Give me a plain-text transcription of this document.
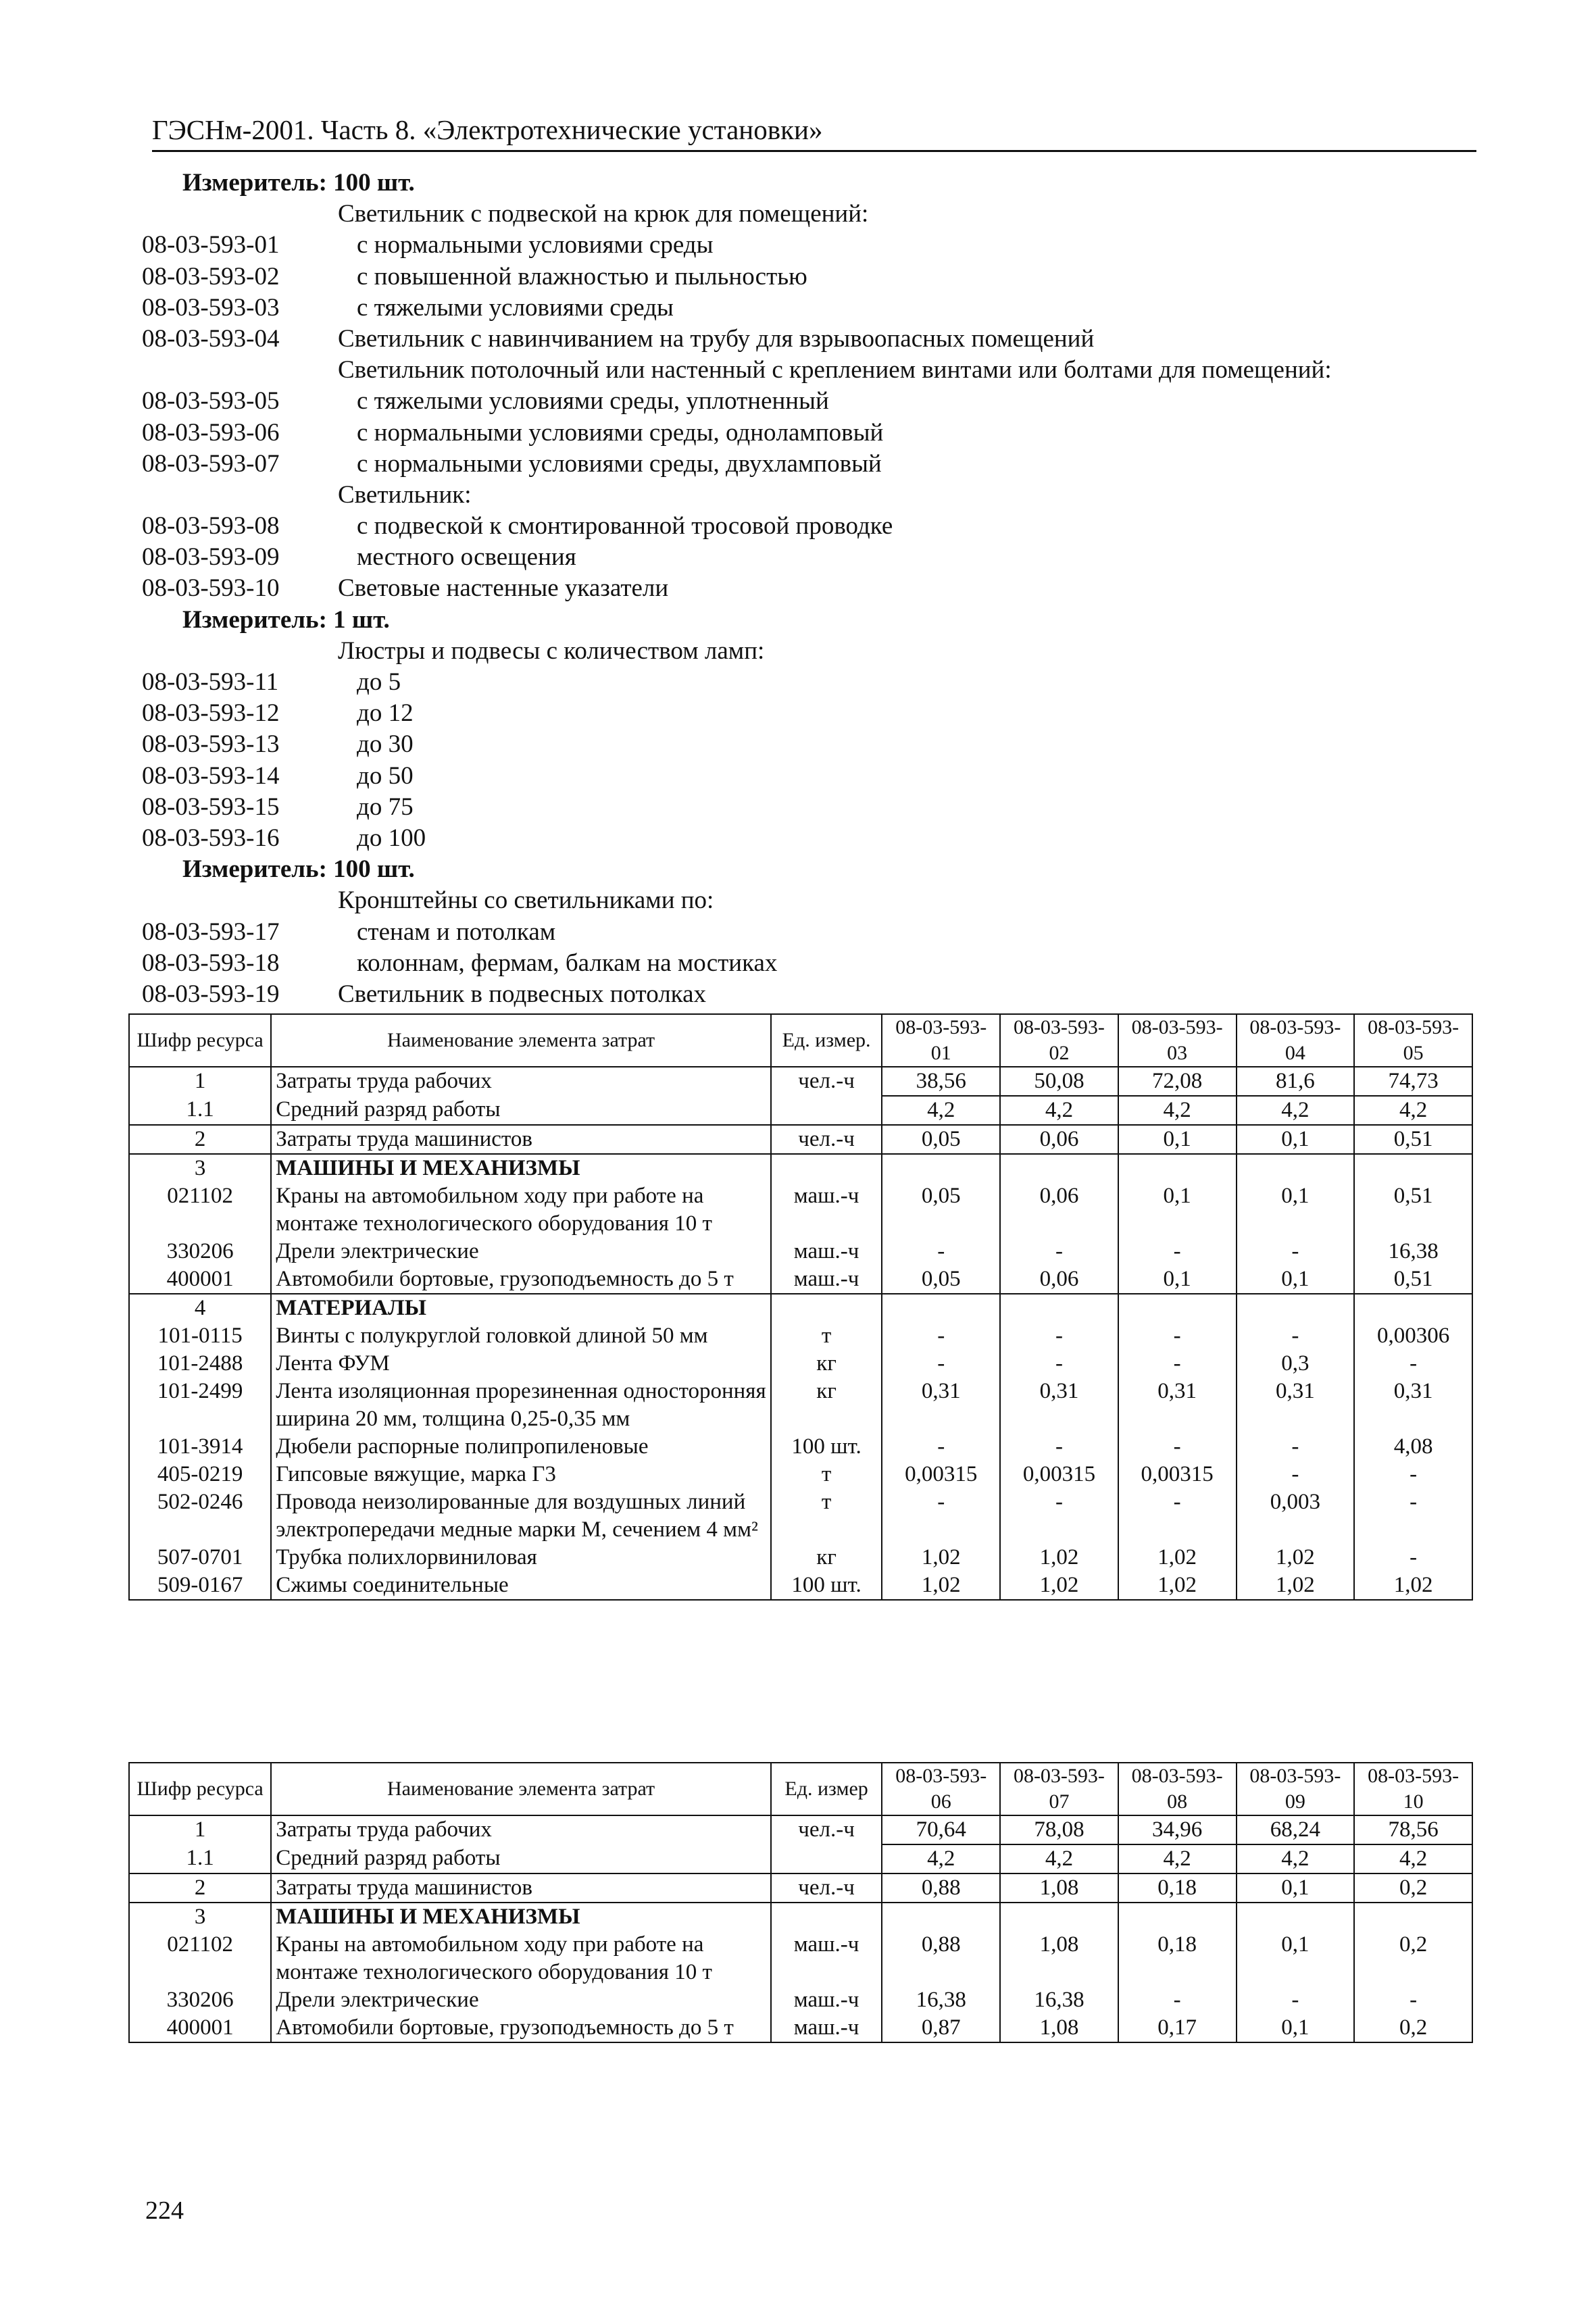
ГЭСНм-2001. Часть 8. «Электротехнические установки»
Измеритель: 100 шт.
Светильник с подвеской на крюк для помещений:
08-03-593-01	с нормальными условиями среды
08-03-593-02	с повышенной влажностью и пыльностью
08-03-593-03	с тяжелыми условиями среды
08-03-593-04	Светильник с навинчиванием на трубу для взрывоопасных помещений
Светильник потолочный или настенный с креплением винтами или болтами для помещений:
08-03-593-05	с тяжелыми условиями среды, уплотненный
08-03-593-06	с нормальными условиями среды, однoламповый
08-03-593-07	с нормальными условиями среды, двухламповый
Светильник:
08-03-593-08	с подвеской к смонтированной тросовой проводке
08-03-593-09	местного освещения
08-03-593-10	Световые настенные указатели
Измеритель: 1 шт.
Люстры и подвесы с количеством ламп:
08-03-593-11	до 5
08-03-593-12	до 12
08-03-593-13	до 30
08-03-593-14	до 50
08-03-593-15	до 75
08-03-593-16	до 100
Измеритель: 100 шт.
Кронштейны со светильниками по:
08-03-593-17	стенам и потолкам
08-03-593-18	колоннам, фермам, балкам на мостиках
08-03-593-19	Светильник в подвесных потолках
Шифр ресурса	Наименование элемента затрат	Ед. измер.	08-03-593-01	08-03-593-02	08-03-593-03	08-03-593-04	08-03-593-05
1	Затраты труда рабочих	чел.-ч	38,56	50,08	72,08	81,6	74,73
1.1	Средний разряд работы		4,2	4,2	4,2	4,2	4,2
2	Затраты труда машинистов	чел.-ч	0,05	0,06	0,1	0,1	0,51
3	МАШИНЫ И МЕХАНИЗМЫ						
021102	Краны на автомобильном ходу при работе на монтаже технологического оборудования 10 т	маш.-ч	0,05	0,06	0,1	0,1	0,51
330206	Дрели электрические	маш.-ч	-	-	-	-	16,38
400001	Автомобили бортовые, грузоподъемность до 5 т	маш.-ч	0,05	0,06	0,1	0,1	0,51
4	МАТЕРИАЛЫ						
101-0115	Винты с полукруглой головкой длиной 50 мм	т	-	-	-	-	0,00306
101-2488	Лента ФУМ	кг	-	-	-	0,3	-
101-2499	Лента изоляционная прорезиненная односторонняя ширина 20 мм, толщина 0,25-0,35 мм	кг	0,31	0,31	0,31	0,31	0,31
101-3914	Дюбели распорные полипропиленовые	100 шт.	-	-	-	-	4,08
405-0219	Гипсовые вяжущие, марка Г3	т	0,00315	0,00315	0,00315	-	-
502-0246	Провода неизолированные для воздушных линий электропередачи медные марки М, сечением 4 мм²	т	-	-	-	0,003	-
507-0701	Трубка полихлорвиниловая	кг	1,02	1,02	1,02	1,02	-
509-0167	Сжимы соединительные	100 шт.	1,02	1,02	1,02	1,02	1,02
Шифр ресурса	Наименование элемента затрат	Ед. измер	08-03-593-06	08-03-593-07	08-03-593-08	08-03-593-09	08-03-593-10
1	Затраты труда рабочих	чел.-ч	70,64	78,08	34,96	68,24	78,56
1.1	Средний разряд работы		4,2	4,2	4,2	4,2	4,2
2	Затраты труда машинистов	чел.-ч	0,88	1,08	0,18	0,1	0,2
3	МАШИНЫ И МЕХАНИЗМЫ						
021102	Краны на автомобильном ходу при работе на монтаже технологического оборудования 10 т	маш.-ч	0,88	1,08	0,18	0,1	0,2
330206	Дрели электрические	маш.-ч	16,38	16,38	-	-	-
400001	Автомобили бортовые, грузоподъемность до 5 т	маш.-ч	0,87	1,08	0,17	0,1	0,2
224
